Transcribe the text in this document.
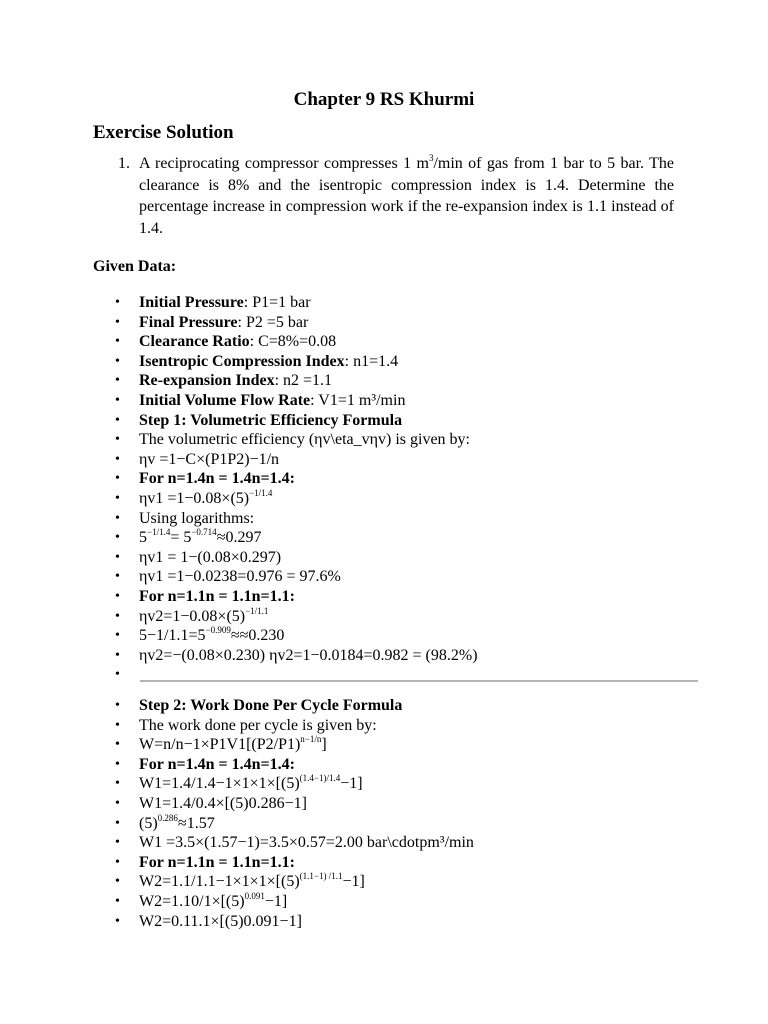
Chapter 9 RS Khurmi
Exercise Solution
1. A reciprocating compressor compresses 1 $m^3/\min$ of gas from 1 bar to 5 bar. The clearance is 8% and the isentropic compression index is 1.4. Determine the percentage increase in compression work if the re-expansion index is 1.1 instead of 1.4.
Given Data:
• Initial Pressure: P1=1 bar
• Final Pressure: P2 =5 bar
• Clearance Ratio: C=8%=0.08
• Isentropic Compression Index: n1=1.4
• Re-expansion Index: n2 =1.1
• Initial Volume Flow Rate: V1=1 m³/min
• Step 1: Volumetric Efficiency Formula
• The volumetric efficiency (ηv\eta_vηv) is given by:
• ηv =1−C×(P1P2)−1/n
• For n=1.4n = 1.4n=1.4:
• $\eta v1 =1-0.08\times(5)^{-1/1.4}$
• Using logarithms:
• $5^{-1/1.4}= 5^{-0.714}\approx 0.297$
• ηv1 = 1−(0.08×0.297)
• ηv1 =1−0.0238=0.976 = 97.6%
• For n=1.1n = 1.1n=1.1:
• $\eta v2=1-0.08\times(5)^{-1/1.1}$
• $5-1/1.1=5^{-0.909}\approx\approx 0.230$
• ηv2=−(0.08×0.230) ηv2=1−0.0184=0.982 = (98.2%)
•
• Step 2: Work Done Per Cycle Formula
• The work done per cycle is given by:
• $W=n/n-1\times P1V1[(P2/P1)^{n-1/n}]$
• For n=1.4n = 1.4n=1.4:
• $W1=1.4/1.4-1\times 1\times 1\times[(5)^{(1.4-1)/1.4}-1]$
• W1=1.4/0.4×[(5)0.286−1]
• $(5)^{0.286}\approx 1.57$
• W1 =3.5×(1.57−1)=3.5×0.57=2.00 bar\cdotpm³/min
• For n=1.1n = 1.1n=1.1:
• $W2=1.1/1.1-1\times 1\times 1\times[(5)^{(1.1-1) /1.1}-1]$
• $W2=1.10/1\times[(5)^{0.091}-1]$
• W2=0.11.1×[(5)0.091−1]
